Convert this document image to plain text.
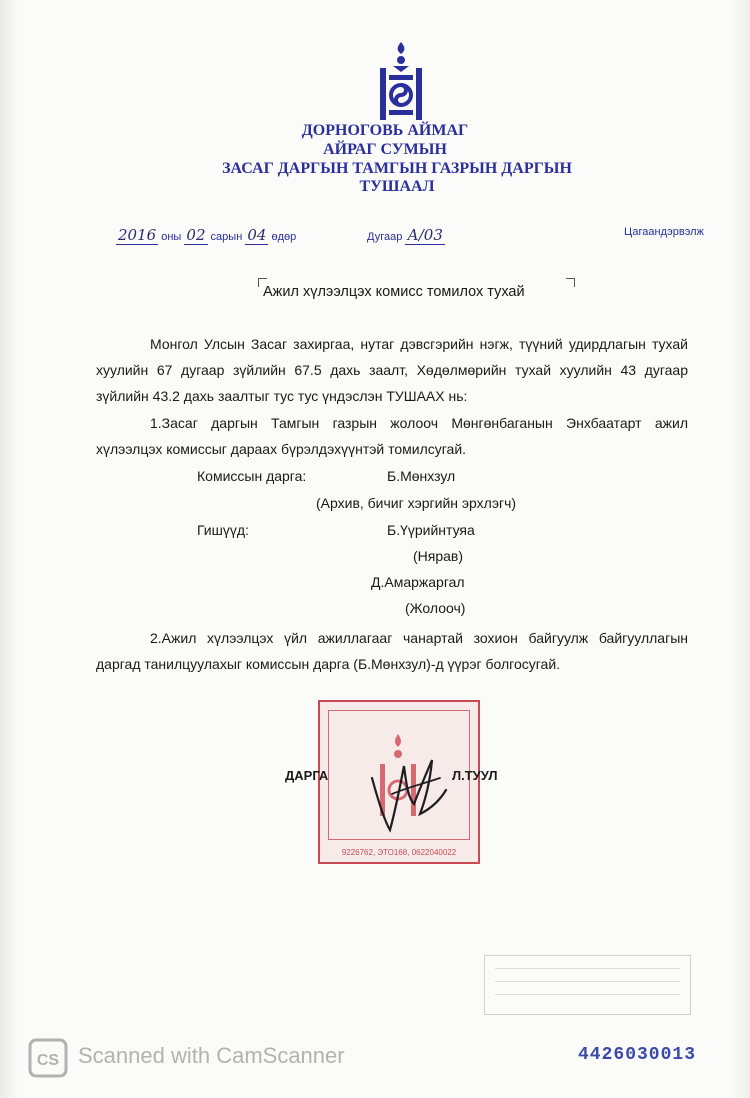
ДОРНОГОВЬ АЙМАГ
АЙРАГ СУМЫН
ЗАСАГ ДАРГЫН ТАМГЫН ГАЗРЫН ДАРГЫН
ТУШААЛ
2016 оны 02 сарын 04 өдөр	Дугаар А/03	Цагаандэрвэлж
Ажил хүлээлцэх комисс томилох тухай
Монгол Улсын Засаг захиргаа, нутаг дэвсгэрийн нэгж, түүний удирдлагын тухай хуулийн 67 дугаар зүйлийн 67.5 дахь заалт, Хөдөлмөрийн тухай хуулийн 43 дугаар зүйлийн 43.2 дахь заалтыг тус тус үндэслэн ТУШААХ нь:
1.Засаг даргын Тамгын газрын жолооч Мөнгөнбаганын Энхбаатарт ажил хүлээлцэх комиссыг дараах бүрэлдэхүүнтэй томилсугай.
Комиссын дарга:	Б.Мөнхзул
(Архив, бичиг хэргийн эрхлэгч)
Гишүүд:	Б.Үүрийнтуяа
(Нярав)
Д.Амаржаргал
(Жолооч)
2.Ажил хүлээлцэх үйл ажиллагааг чанартай зохион байгуулж байгууллагын даргад танилцуулахыг комиссын дарга (Б.Мөнхзул)-д үүрэг болгосугай.
9226762, ЭТО168, 0622040022
ДАРГА	Л.ТУУЛ
CS Scanned with CamScanner	4426030013
